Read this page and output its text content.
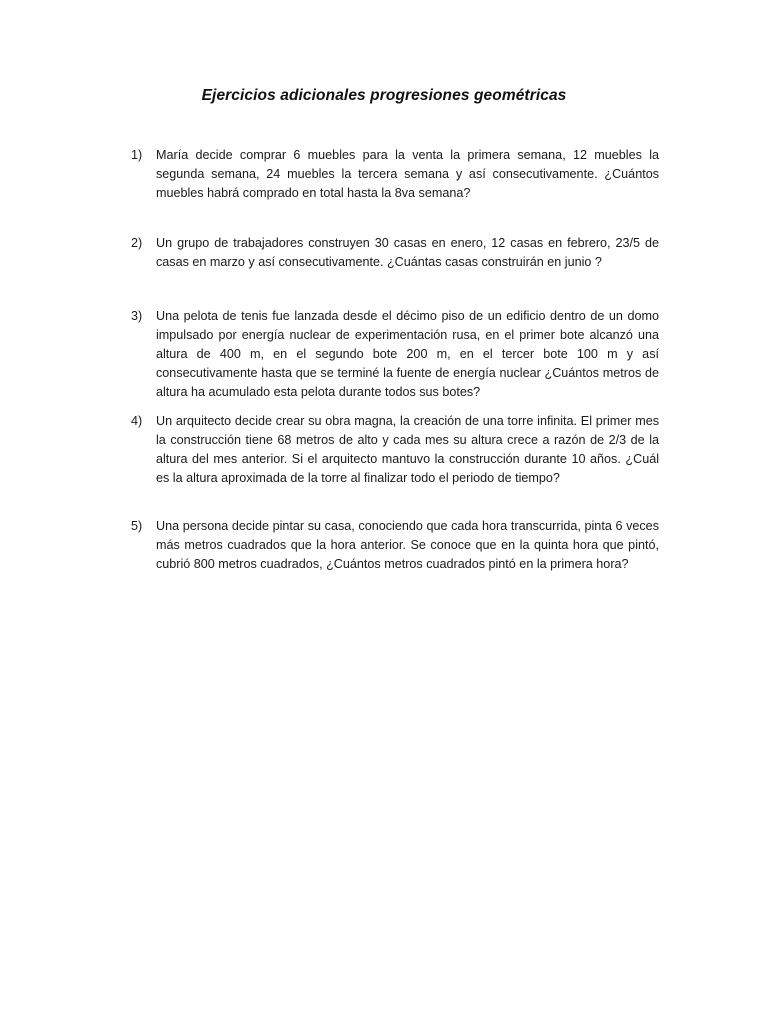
Ejercicios adicionales progresiones geométricas
1)	María decide comprar 6 muebles para la venta la primera semana, 12 muebles la segunda semana, 24 muebles la tercera semana y así consecutivamente. ¿Cuántos muebles habrá comprado en total hasta la 8va semana?
2)	Un grupo de trabajadores construyen 30 casas en enero, 12 casas en febrero, 23/5 de casas en marzo y así consecutivamente. ¿Cuántas casas construirán en junio ?
3)	Una pelota de tenis fue lanzada desde el décimo piso de un edificio dentro de un domo impulsado por energía nuclear de experimentación rusa, en el primer bote alcanzó una altura de 400 m, en el segundo bote 200 m, en el tercer bote 100 m y así consecutivamente hasta que se terminé la fuente de energía nuclear ¿Cuántos metros de altura ha acumulado esta pelota durante todos sus botes?
4)	Un arquitecto decide crear su obra magna, la creación de una torre infinita. El primer mes la construcción tiene 68 metros de alto y cada mes su altura crece a razón de 2/3 de la altura del mes anterior. Si el arquitecto mantuvo la construcción durante 10 años. ¿Cuál es la altura aproximada de la torre al finalizar todo el periodo de tiempo?
5)	Una persona decide pintar su casa, conociendo que cada hora transcurrida, pinta 6 veces más metros cuadrados que la hora anterior. Se conoce que en la quinta hora que pintó, cubrió 800 metros cuadrados, ¿Cuántos metros cuadrados pintó en la primera hora?
